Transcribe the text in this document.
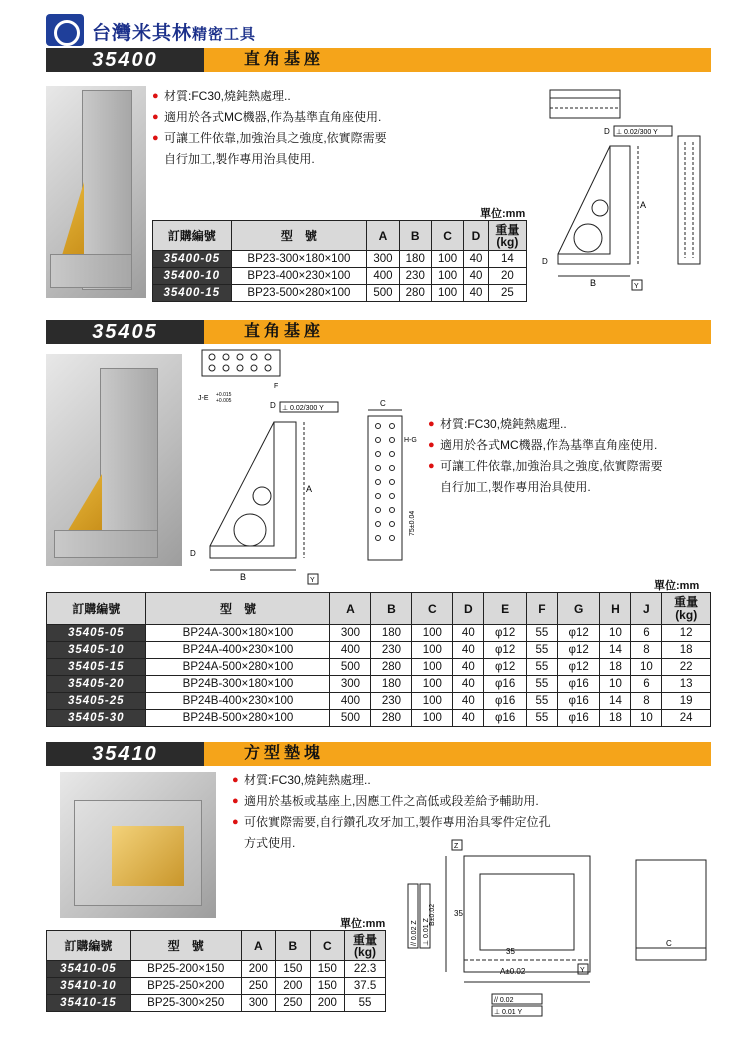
台灣米其林精密工具
35400	直角基座
● 材質:FC30,燒鈍熱處理..
● 適用於各式MC機器,作為基準直角座使用.
● 可讓工件依靠,加強治具之強度,依實際需要
自行加工,製作專用治具使用.
單位:mm
訂購編號	型　號	A	B	C	D	重量
(kg)
35400-05	BP23-300×180×100	300	180	100	40	14
35400-10	BP23-400×230×100	400	230	100	40	20
35400-15	BP23-500×280×100	500	280	100	40	25
⊥ 0.02/300 Y
D
A
D
B	Y
35405	直角基座
J-E +0.015
+0.005
F
D ⊥ 0.02/300 Y
A
D
B	Y
C
H-G
75±0.04
● 材質:FC30,燒鈍熱處理..
● 適用於各式MC機器,作為基準直角座使用.
● 可讓工件依靠,加強治具之強度,依實際需要
自行加工,製作專用治具使用.
單位:mm
訂購編號	型　號	A	B	C	D	E	F	G	H	J	重量
(kg)
35405-05	BP24A-300×180×100	300	180	100	40	φ12	55	φ12	10	6	12
35405-10	BP24A-400×230×100	400	230	100	40	φ12	55	φ12	14	8	18
35405-15	BP24A-500×280×100	500	280	100	40	φ12	55	φ12	18	10	22
35405-20	BP24B-300×180×100	300	180	100	40	φ16	55	φ16	10	6	13
35405-25	BP24B-400×230×100	400	230	100	40	φ16	55	φ16	14	8	19
35405-30	BP24B-500×280×100	500	280	100	40	φ16	55	φ16	18	10	24
35410	方型墊塊
● 材質:FC30,燒鈍熱處理..
● 適用於基板或基座上,因應工件之高低或段差給予輔助用.
● 可依實際需要,自行鑽孔攻牙加工,製作專用治具零件定位孔
方式使用.
單位:mm
訂購編號	型　號	A	B	C	重量
(kg)
35410-05	BP25-200×150	200	150	150	22.3
35410-10	BP25-250×200	250	200	150	37.5
35410-15	BP25-300×250	300	250	200	55
Z
B±0.02
// 0.02 Z ⊥ 0.01 Z
35
35
A±0.02	Y
// 0.02
⊥ 0.01 Y
C
